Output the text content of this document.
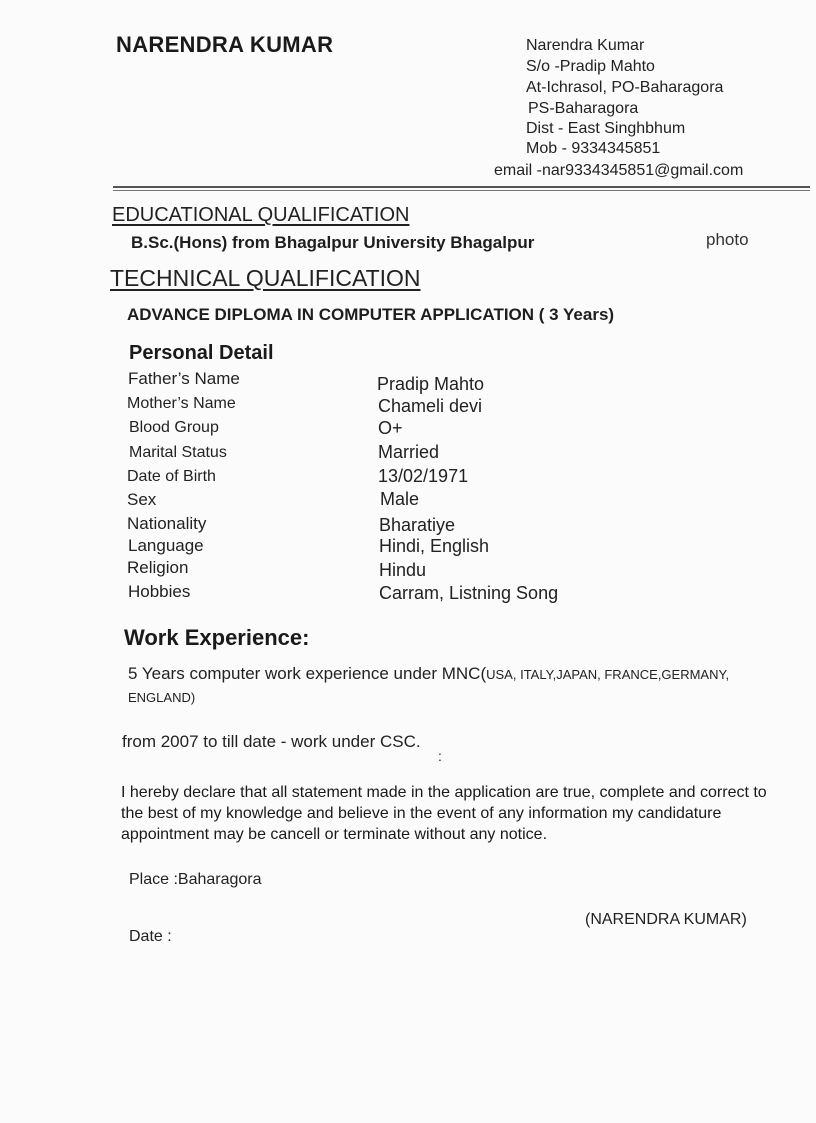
NARENDRA KUMAR	Narendra Kumar
S/o -Pradip Mahto
At-Ichrasol, PO-Baharagora
PS-Baharagora
Dist - East Singhbhum
Mob - 9334345851
email -nar9334345851@gmail.com
EDUCATIONAL QUALIFICATION
B.Sc.(Hons) from Bhagalpur University Bhagalpur	photo
TECHNICAL QUALIFICATION
ADVANCE DIPLOMA IN COMPUTER APPLICATION ( 3 Years)
Personal Detail
Father’s Name	Pradip Mahto
Mother’s Name	Chameli devi
Blood Group	O+
Marital Status	Married
Date of Birth	13/02/1971
Sex	Male
Nationality	Bharatiye
Language	Hindi, English
Religion	Hindu
Hobbies	Carram, Listning Song
Work Experience:
5 Years computer work experience under MNC(USA, ITALY,JAPAN, FRANCE,GERMANY,
ENGLAND)
from 2007 to till date - work under CSC.
:
I hereby declare that all statement made in the application are true, complete and correct to the best of my knowledge and believe in the event of any information my candidature appointment may be cancell or terminate without any notice.
Place :Baharagora
(NARENDRA KUMAR)
Date :
